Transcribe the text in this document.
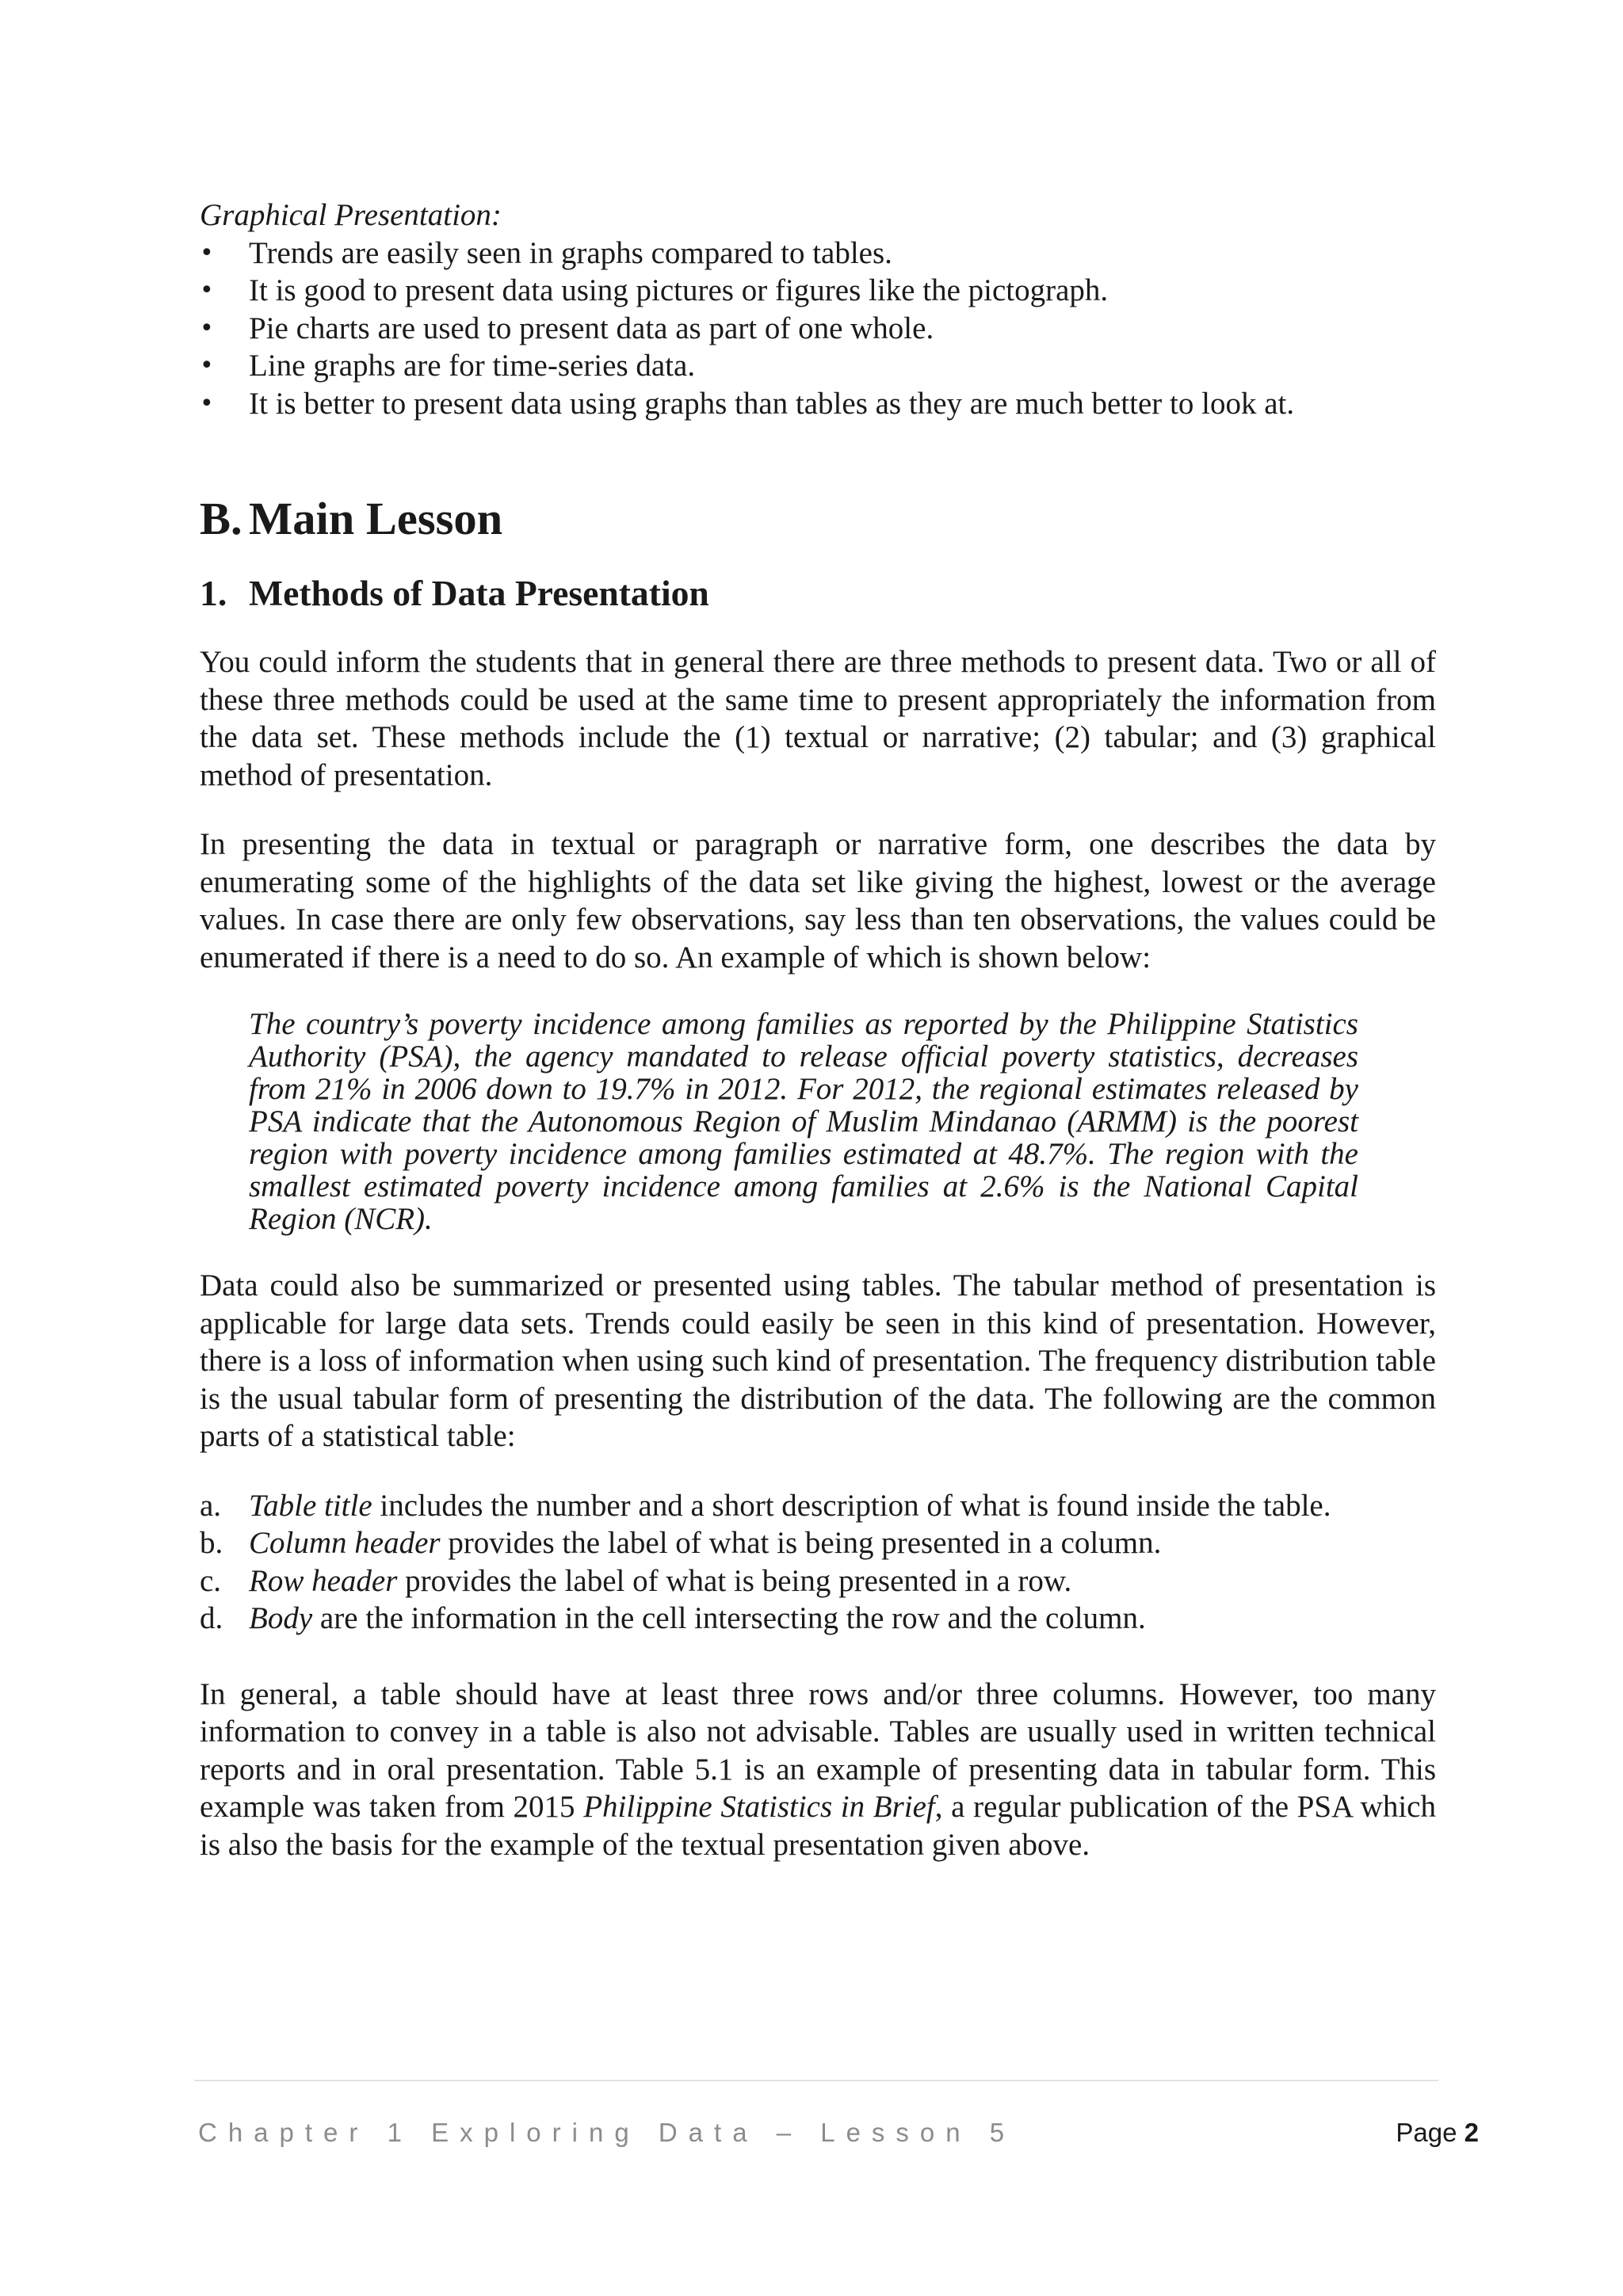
Graphical Presentation:

• Trends are easily seen in graphs compared to tables.
• It is good to present data using pictures or figures like the pictograph.
• Pie charts are used to present data as part of one whole.
• Line graphs are for time-series data.
• It is better to present data using graphs than tables as they are much better to look at.
B. Main Lesson
1. Methods of Data Presentation

You could inform the students that in general there are three methods to present data. Two or all of these three methods could be used at the same time to present appropriately the information from the data set. These methods include the (1) textual or narrative; (2) tabular; and (3) graphical method of presentation.

In presenting the data in textual or paragraph or narrative form, one describes the data by enumerating some of the highlights of the data set like giving the highest, lowest or the average values. In case there are only few observations, say less than ten observations, the values could be enumerated if there is a need to do so. An example of which is shown below:

The country’s poverty incidence among families as reported by the Philippine Statistics Authority (PSA), the agency mandated to release official poverty statistics, decreases from 21% in 2006 down to 19.7% in 2012. For 2012, the regional estimates released by PSA indicate that the Autonomous Region of Muslim Mindanao (ARMM) is the poorest region with poverty incidence among families estimated at 48.7%. The region with the smallest estimated poverty incidence among families at 2.6% is the National Capital Region (NCR).

Data could also be summarized or presented using tables. The tabular method of presentation is applicable for large data sets. Trends could easily be seen in this kind of presentation. However, there is a loss of information when using such kind of presentation. The frequency distribution table is the usual tabular form of presenting the distribution of the data. The following are the common parts of a statistical table:

a. Table title includes the number and a short description of what is found inside the table.
b. Column header provides the label of what is being presented in a column.
c. Row header provides the label of what is being presented in a row.
d. Body are the information in the cell intersecting the row and the column.

In general, a table should have at least three rows and/or three columns. However, too many information to convey in a table is also not advisable. Tables are usually used in written technical reports and in oral presentation. Table 5.1 is an example of presenting data in tabular form. This example was taken from 2015 Philippine Statistics in Brief, a regular publication of the PSA which is also the basis for the example of the textual presentation given above.

Chapter 1 Exploring Data – Lesson 5	Page 2
